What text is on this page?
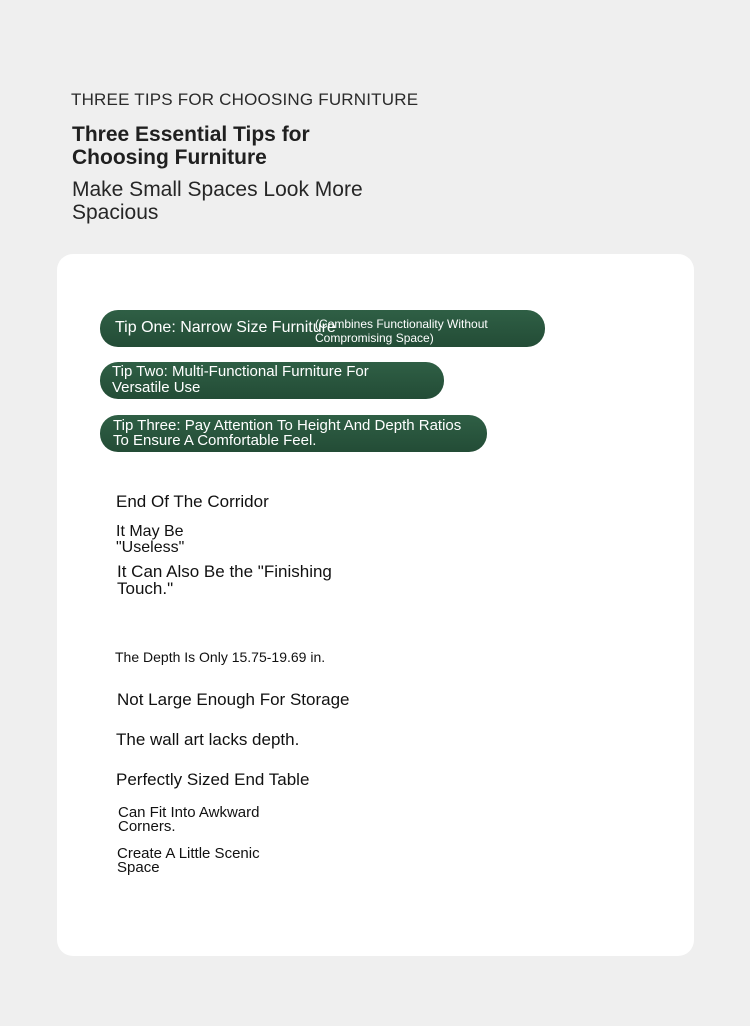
THREE TIPS FOR CHOOSING FURNITURE
Three Essential Tips for Choosing Furniture
Make Small Spaces Look More Spacious
Tip One: Narrow Size Furniture
(Combines Functionality Without Compromising Space)
Tip Two: Multi-Functional Furniture For Versatile Use
Tip Three: Pay Attention To Height And Depth Ratios To Ensure A Comfortable Feel.
End Of The Corridor
It May Be "Useless"
It Can Also Be the "Finishing Touch."
The Depth Is Only 15.75-19.69 in.
Not Large Enough For Storage
The wall art lacks depth.
Perfectly Sized End Table
Can Fit Into Awkward Corners.
Create A Little Scenic Space
